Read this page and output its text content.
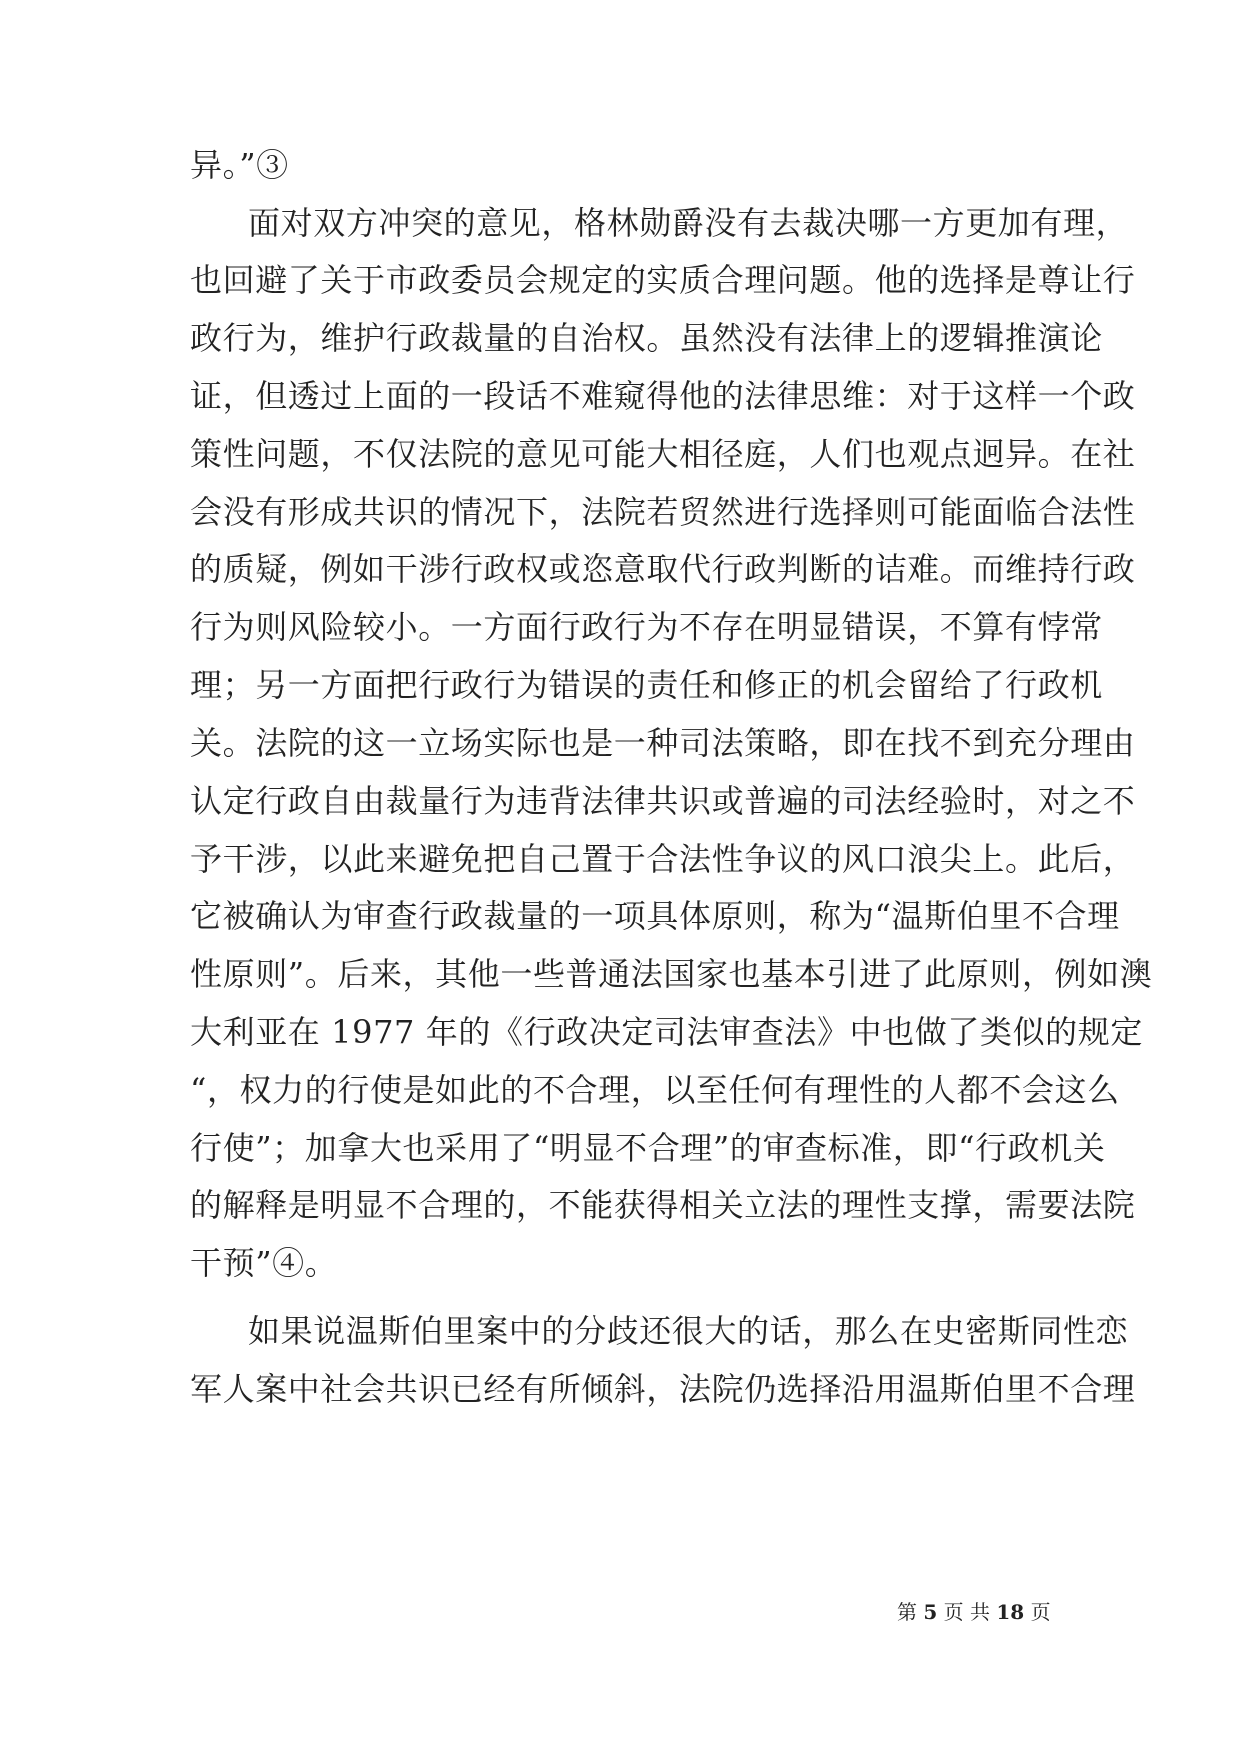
异。”③
面对双方冲突的意见，格林勋爵没有去裁决哪一方更加有理，
也回避了关于市政委员会规定的实质合理问题。他的选择是尊让行
政行为，维护行政裁量的自治权。虽然没有法律上的逻辑推演论
证，但透过上面的一段话不难窥得他的法律思维：对于这样一个政
策性问题，不仅法院的意见可能大相径庭，人们也观点迥异。在社
会没有形成共识的情况下，法院若贸然进行选择则可能面临合法性
的质疑，例如干涉行政权或恣意取代行政判断的诘难。而维持行政
行为则风险较小。一方面行政行为不存在明显错误，不算有悖常
理；另一方面把行政行为错误的责任和修正的机会留给了行政机
关。法院的这一立场实际也是一种司法策略，即在找不到充分理由
认定行政自由裁量行为违背法律共识或普遍的司法经验时，对之不
予干涉，以此来避免把自己置于合法性争议的风口浪尖上。此后，
它被确认为审查行政裁量的一项具体原则，称为“温斯伯里不合理
性原则”。后来，其他一些普通法国家也基本引进了此原则，例如澳
大利亚在 1977 年的《行政决定司法审查法》中也做了类似的规定
“，权力的行使是如此的不合理，以至任何有理性的人都不会这么
行使”；加拿大也采用了“明显不合理”的审查标准，即“行政机关
的解释是明显不合理的，不能获得相关立法的理性支撑，需要法院
干预”④。
如果说温斯伯里案中的分歧还很大的话，那么在史密斯同性恋
军人案中社会共识已经有所倾斜，法院仍选择沿用温斯伯里不合理
第 5 页 共 18 页
